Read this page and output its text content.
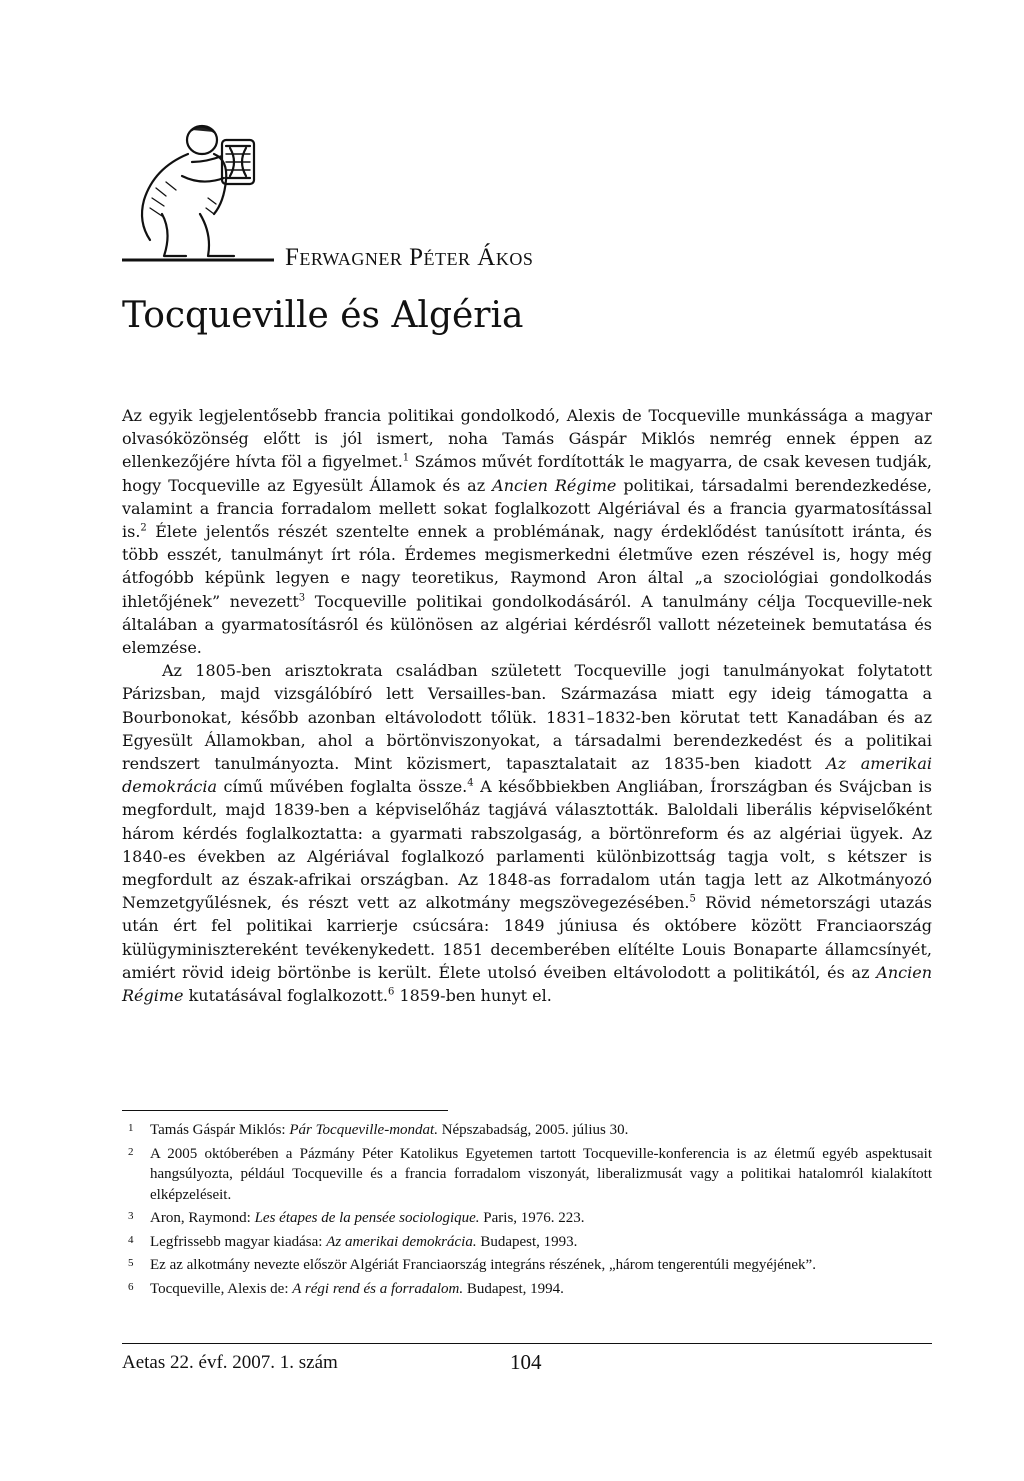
Ferwagner Péter Ákos
Tocqueville és Algéria

Az egyik legjelentősebb francia politikai gondolkodó, Alexis de Tocqueville munkássága a magyar olvasóközönség előtt is jól ismert, noha Tamás Gáspár Miklós nemrég ennek éppen az ellenkezőjére hívta föl a figyelmet.$^1$ Számos művét fordították le magyarra, de csak kevesen tudják, hogy Tocqueville az Egyesült Államok és az Ancien Régime politikai, társadalmi berendezkedése, valamint a francia forradalom mellett sokat foglalkozott Algériával és a francia gyarmatosítással is.$^2$ Élete jelentős részét szentelte ennek a problémának, nagy érdeklődést tanúsított iránta, és több esszét, tanulmányt írt róla. Érdemes megismerkedni életműve ezen részével is, hogy még átfogóbb képünk legyen e nagy teoretikus, Raymond Aron által „a szociológiai gondolkodás ihletőjének” nevezett$^3$ Tocqueville politikai gondolkodásáról. A tanulmány célja Tocqueville-nek általában a gyarmatosításról és különösen az algériai kérdésről vallott nézeteinek bemutatása és elemzése.

Az 1805-ben arisztokrata családban született Tocqueville jogi tanulmányokat folytatott Párizsban, majd vizsgálóbíró lett Versailles-ban. Származása miatt egy ideig támogatta a Bourbonokat, később azonban eltávolodott tőlük. 1831–1832-ben körutat tett Kanadában és az Egyesült Államokban, ahol a börtönviszonyokat, a társadalmi berendezkedést és a politikai rendszert tanulmányozta. Mint közismert, tapasztalatait az 1835-ben kiadott Az amerikai demokrácia című művében foglalta össze.$^4$ A későbbiekben Angliában, Írországban és Svájcban is megfordult, majd 1839-ben a képviselőház tagjává választották. Baloldali liberális képviselőként három kérdés foglalkoztatta: a gyarmati rabszolgaság, a börtönreform és az algériai ügyek. Az 1840-es években az Algériával foglalkozó parlamenti különbizottság tagja volt, s kétszer is megfordult az észak-afrikai országban. Az 1848-as forradalom után tagja lett az Alkotmányozó Nemzetgyűlésnek, és részt vett az alkotmány megszövegezésében.$^5$ Rövid németországi utazás után ért fel politikai karrierje csúcsára: 1849 júniusa és októbere között Franciaország külügyminisztereként tevékenykedett. 1851 decemberében elítélte Louis Bonaparte államcsínyét, amiért rövid ideig börtönbe is került. Élete utolsó éveiben eltávolodott a politikától, és az Ancien Régime kutatásával foglalkozott.$^6$ 1859-ben hunyt el.

1 Tamás Gáspár Miklós: Pár Tocqueville-mondat. Népszabadság, 2005. július 30.
2 A 2005 októberében a Pázmány Péter Katolikus Egyetemen tartott Tocqueville-konferencia is az életmű egyéb aspektusait hangsúlyozta, például Tocqueville és a francia forradalom viszonyát, liberalizmusát vagy a politikai hatalomról kialakított elképzeléseit.
3 Aron, Raymond: Les étapes de la pensée sociologique. Paris, 1976. 223.
4 Legfrissebb magyar kiadása: Az amerikai demokrácia. Budapest, 1993.
5 Ez az alkotmány nevezte először Algériát Franciaország integráns részének, „három tengerentúli megyéjének”.
6 Tocqueville, Alexis de: A régi rend és a forradalom. Budapest, 1994.
Aetas 22. évf. 2007. 1. szám	104
